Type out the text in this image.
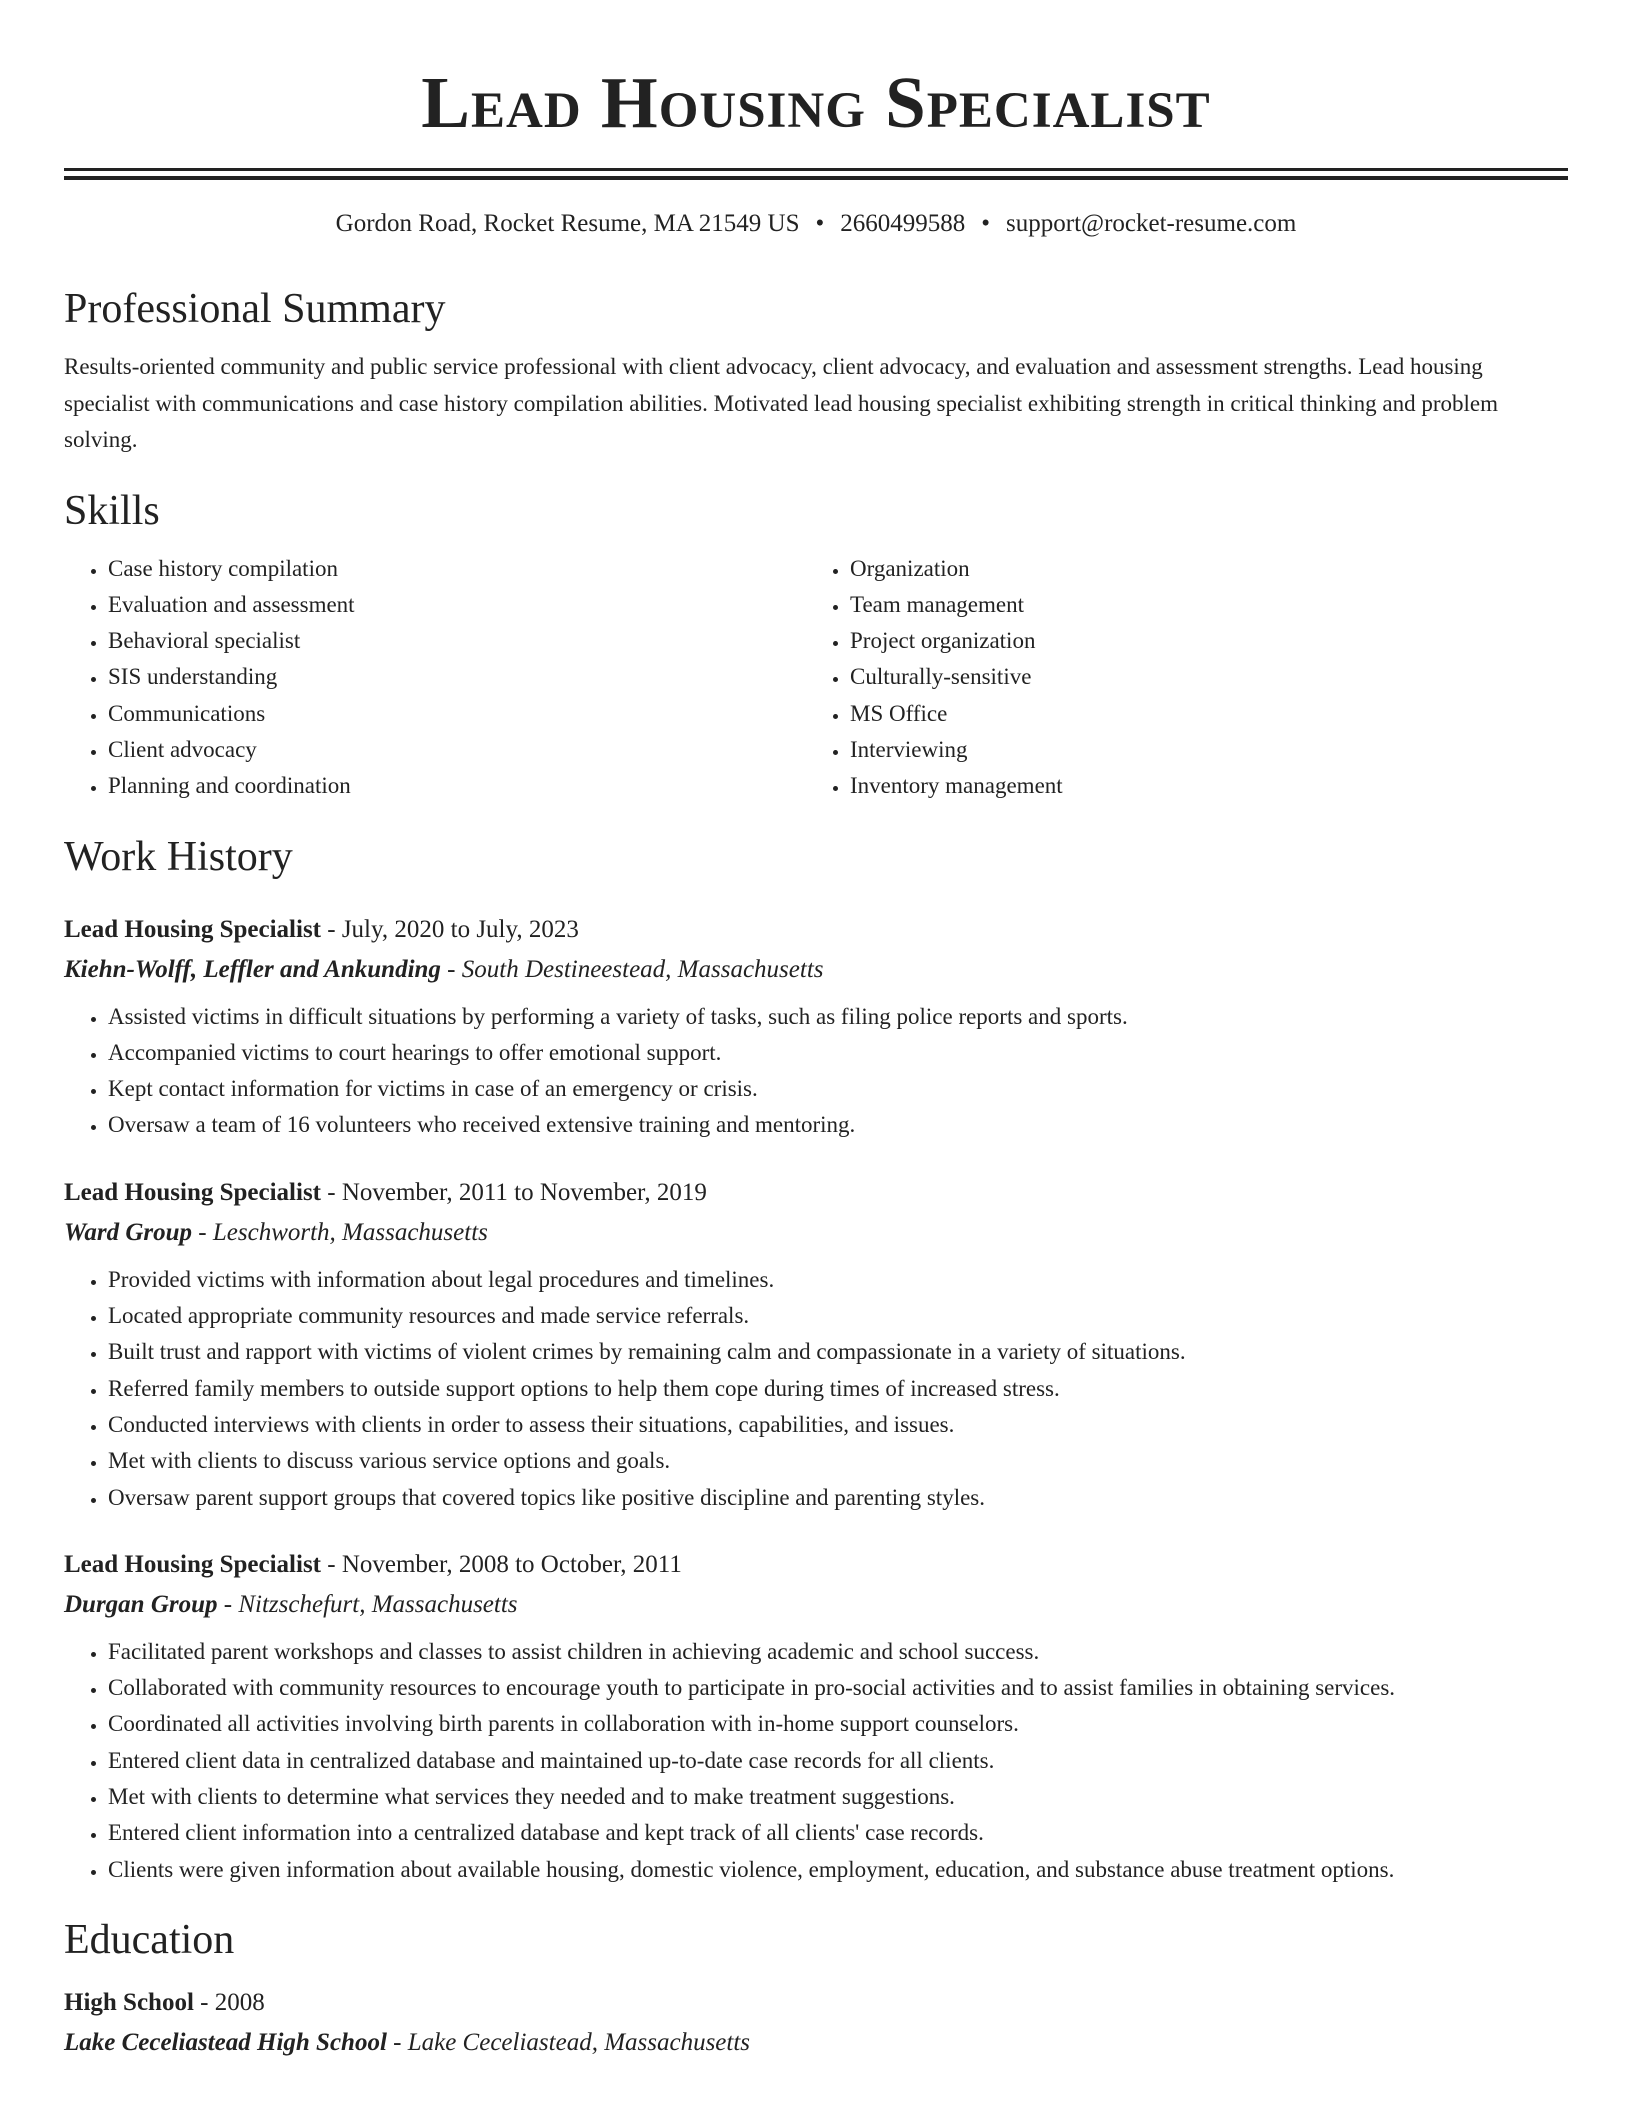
Lead Housing Specialist
Gordon Road, Rocket Resume, MA 21549 US • 2660499588 • support@rocket-resume.com
Professional Summary

Results-oriented community and public service professional with client advocacy, client advocacy, and evaluation and assessment strengths. Lead housing specialist with communications and case history compilation abilities. Motivated lead housing specialist exhibiting strength in critical thinking and problem solving.

Skills
• Case history compilation
• Evaluation and assessment
• Behavioral specialist
• SIS understanding
• Communications
• Client advocacy
• Planning and coordination
• Organization
• Team management
• Project organization
• Culturally-sensitive
• MS Office
• Interviewing
• Inventory management
Work History
Lead Housing Specialist - July, 2020 to July, 2023
Kiehn-Wolff, Leffler and Ankunding - South Destineestead, Massachusetts
• Assisted victims in difficult situations by performing a variety of tasks, such as filing police reports and sports.
• Accompanied victims to court hearings to offer emotional support.
• Kept contact information for victims in case of an emergency or crisis.
• Oversaw a team of 16 volunteers who received extensive training and mentoring.
Lead Housing Specialist - November, 2011 to November, 2019
Ward Group - Leschworth, Massachusetts
• Provided victims with information about legal procedures and timelines.
• Located appropriate community resources and made service referrals.
• Built trust and rapport with victims of violent crimes by remaining calm and compassionate in a variety of situations.
• Referred family members to outside support options to help them cope during times of increased stress.
• Conducted interviews with clients in order to assess their situations, capabilities, and issues.
• Met with clients to discuss various service options and goals.
• Oversaw parent support groups that covered topics like positive discipline and parenting styles.
Lead Housing Specialist - November, 2008 to October, 2011
Durgan Group - Nitzschefurt, Massachusetts
• Facilitated parent workshops and classes to assist children in achieving academic and school success.
• Collaborated with community resources to encourage youth to participate in pro-social activities and to assist families in obtaining services.
• Coordinated all activities involving birth parents in collaboration with in-home support counselors.
• Entered client data in centralized database and maintained up-to-date case records for all clients.
• Met with clients to determine what services they needed and to make treatment suggestions.
• Entered client information into a centralized database and kept track of all clients' case records.
• Clients were given information about available housing, domestic violence, employment, education, and substance abuse treatment options.
Education
High School - 2008
Lake Ceceliastead High School - Lake Ceceliastead, Massachusetts
